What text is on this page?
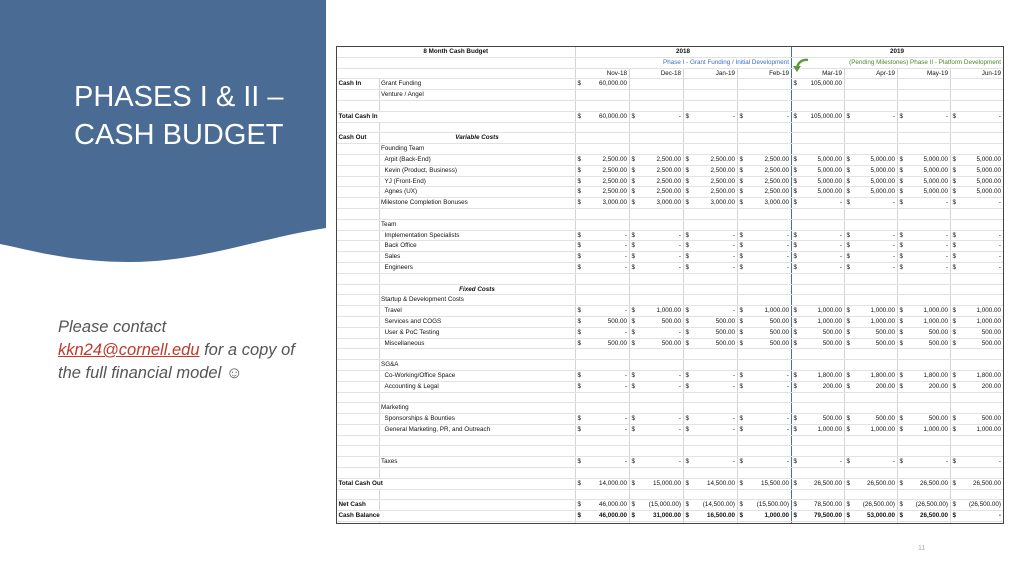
PHASES I & II – CASH BUDGET
Please contact kkn24@cornell.edu for a copy of the full financial model ☺
8 Month Cash Budget		2018				2019			
		Phase I - Grant Funding / Initial Development				(Pending Milestones) Phase II - Platform Development			
		Nov-18	Dec-18	Jan-19	Feb-19	Mar-19	Apr-19	May-19	Jun-19
Cash In	Grant Funding	$ 60,000.00				$ 105,000.00			
	Venture / Angel								

Total Cash In		$ 60,000.00	$ -	$ -	$ -	$ 105,000.00	$ -	$ -	$ -

Cash Out	Variable Costs								
	Founding Team								
	Arpit (Back-End)	$ 2,500.00	$ 2,500.00	$ 2,500.00	$ 2,500.00	$ 5,000.00	$ 5,000.00	$ 5,000.00	$ 5,000.00
	Kevin (Product, Business)	$ 2,500.00	$ 2,500.00	$ 2,500.00	$ 2,500.00	$ 5,000.00	$ 5,000.00	$ 5,000.00	$ 5,000.00
	YJ (Front-End)	$ 2,500.00	$ 2,500.00	$ 2,500.00	$ 2,500.00	$ 5,000.00	$ 5,000.00	$ 5,000.00	$ 5,000.00
	Agnes (UX)	$ 2,500.00	$ 2,500.00	$ 2,500.00	$ 2,500.00	$ 5,000.00	$ 5,000.00	$ 5,000.00	$ 5,000.00
	Milestone Completion Bonuses	$ 3,000.00	$ 3,000.00	$ 3,000.00	$ 3,000.00	$ -	$ -	$ -	$ -

	Team								
	Implementation Specialists	$ -	$ -	$ -	$ -	$ -	$ -	$ -	$ -
	Back Office	$ -	$ -	$ -	$ -	$ -	$ -	$ -	$ -
	Sales	$ -	$ -	$ -	$ -	$ -	$ -	$ -	$ -
	Engineers	$ -	$ -	$ -	$ -	$ -	$ -	$ -	$ -

	Fixed Costs								
	Startup & Development Costs								
	Travel	$ -	$ 1,000.00	$ -	$ 1,000.00	$ 1,000.00	$ 1,000.00	$ 1,000.00	$ 1,000.00
	Services and COGS	$ 500.00	$ 500.00	$ 500.00	$ 500.00	$ 1,000.00	$ 1,000.00	$ 1,000.00	$ 1,000.00
	User & PoC Testing	$ -	$ -	$ 500.00	$ 500.00	$ 500.00	$ 500.00	$ 500.00	$ 500.00
	Miscellaneous	$ 500.00	$ 500.00	$ 500.00	$ 500.00	$ 500.00	$ 500.00	$ 500.00	$ 500.00

	SG&A								
	Co-Working/Office Space	$ -	$ -	$ -	$ -	$ 1,800.00	$ 1,800.00	$ 1,800.00	$ 1,800.00
	Accounting & Legal	$ -	$ -	$ -	$ -	$ 200.00	$ 200.00	$ 200.00	$ 200.00

	Marketing								
	Sponsorships & Bounties	$ -	$ -	$ -	$ -	$ 500.00	$ 500.00	$ 500.00	$ 500.00
	General Marketing, PR, and Outreach	$ -	$ -	$ -	$ -	$ 1,000.00	$ 1,000.00	$ 1,000.00	$ 1,000.00

	Taxes	$ -	$ -	$ -	$ -	$ -	$ -	$ -	$ -

Total Cash Out		$ 14,000.00	$ 15,000.00	$ 14,500.00	$ 15,500.00	$ 26,500.00	$ 26,500.00	$ 26,500.00	$ 26,500.00

Net Cash		$ 46,000.00	$ (15,000.00)	$ (14,500.00)	$ (15,500.00)	$ 78,500.00	$ (26,500.00)	$ (26,500.00)	$ (26,500.00)
Cash Balance		$ 46,000.00	$ 31,000.00	$ 16,500.00	$ 1,000.00	$ 79,500.00	$ 53,000.00	$ 26,500.00	$ -

11
